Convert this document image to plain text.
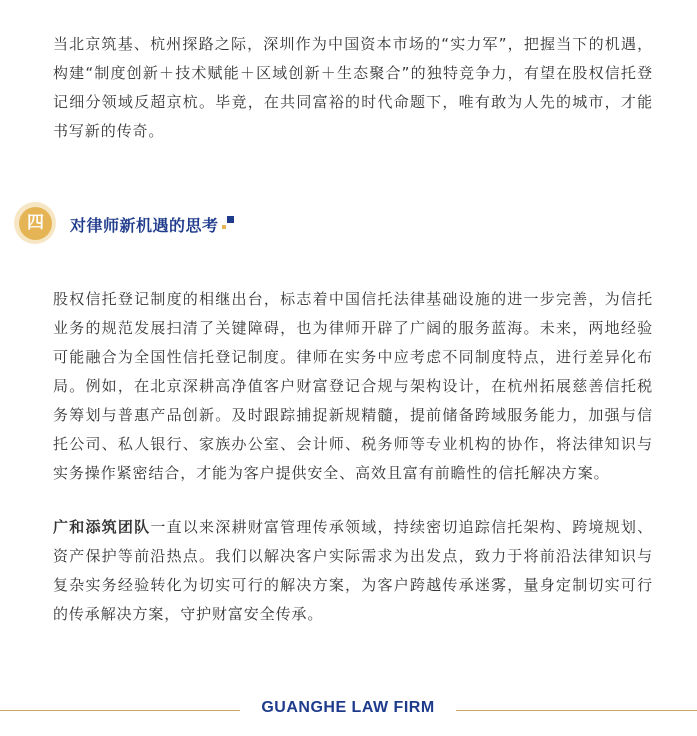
当北京筑基、杭州探路之际，深圳作为中国资本市场的“实力军”，把握当下的机遇，构建“制度创新＋技术赋能＋区域创新＋生态聚合”的独特竞争力，有望在股权信托登记细分领域反超京杭。毕竟，在共同富裕的时代命题下，唯有敢为人先的城市，才能书写新的传奇。

四	对律师新机遇的思考

股权信托登记制度的相继出台，标志着中国信托法律基础设施的进一步完善，为信托业务的规范发展扫清了关键障碍，也为律师开辟了广阔的服务蓝海。未来，两地经验可能融合为全国性信托登记制度。律师在实务中应考虑不同制度特点，进行差异化布局。例如，在北京深耕高净值客户财富登记合规与架构设计，在杭州拓展慈善信托税务筹划与普惠产品创新。及时跟踪捕捉新规精髓，提前储备跨域服务能力，加强与信托公司、私人银行、家族办公室、会计师、税务师等专业机构的协作，将法律知识与实务操作紧密结合，才能为客户提供安全、高效且富有前瞻性的信托解决方案。

广和添筑团队一直以来深耕财富管理传承领域，持续密切追踪信托架构、跨境规划、资产保护等前沿热点。我们以解决客户实际需求为出发点，致力于将前沿法律知识与复杂实务经验转化为切实可行的解决方案，为客户跨越传承迷雾，量身定制切实可行的传承解决方案，守护财富安全传承。

GUANGHE LAW FIRM
